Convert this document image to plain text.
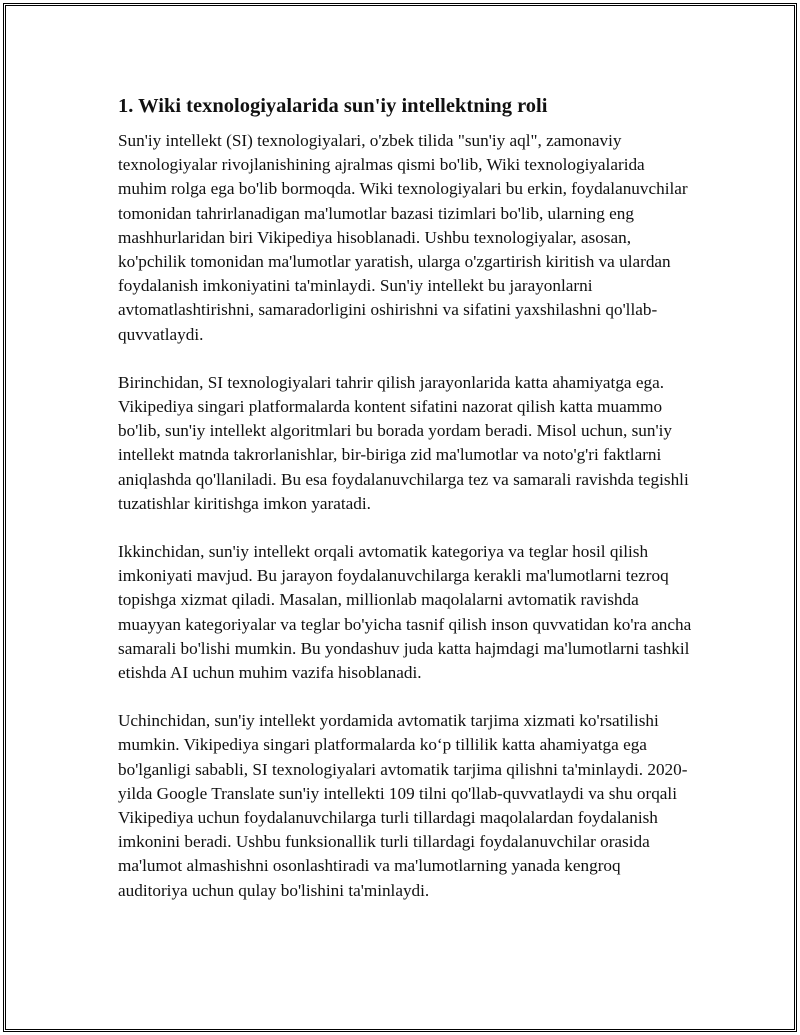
1. Wiki texnologiyalarida sun'iy intellektning roli

Sun'iy intellekt (SI) texnologiyalari, o'zbek tilida "sun'iy aql", zamonaviy texnologiyalar rivojlanishining ajralmas qismi bo'lib, Wiki texnologiyalarida muhim rolga ega bo'lib bormoqda. Wiki texnologiyalari bu erkin, foydalanuvchilar tomonidan tahrirlanadigan ma'lumotlar bazasi tizimlari bo'lib, ularning eng mashhurlaridan biri Vikipediya hisoblanadi. Ushbu texnologiyalar, asosan, ko'pchilik tomonidan ma'lumotlar yaratish, ularga o'zgartirish kiritish va ulardan foydalanish imkoniyatini ta'minlaydi. Sun'iy intellekt bu jarayonlarni avtomatlashtirishni, samaradorligini oshirishni va sifatini yaxshilashni qo'llab-quvvatlaydi.

Birinchidan, SI texnologiyalari tahrir qilish jarayonlarida katta ahamiyatga ega. Vikipediya singari platformalarda kontent sifatini nazorat qilish katta muammo bo'lib, sun'iy intellekt algoritmlari bu borada yordam beradi. Misol uchun, sun'iy intellekt matnda takrorlanishlar, bir-biriga zid ma'lumotlar va noto'g'ri faktlarni aniqlashda qo'llaniladi. Bu esa foydalanuvchilarga tez va samarali ravishda tegishli tuzatishlar kiritishga imkon yaratadi.

Ikkinchidan, sun'iy intellekt orqali avtomatik kategoriya va teglar hosil qilish imkoniyati mavjud. Bu jarayon foydalanuvchilarga kerakli ma'lumotlarni tezroq topishga xizmat qiladi. Masalan, millionlab maqolalarni avtomatik ravishda muayyan kategoriyalar va teglar bo'yicha tasnif qilish inson quvvatidan ko'ra ancha samarali bo'lishi mumkin. Bu yondashuv juda katta hajmdagi ma'lumotlarni tashkil etishda AI uchun muhim vazifa hisoblanadi.

Uchinchidan, sun'iy intellekt yordamida avtomatik tarjima xizmati ko'rsatilishi mumkin. Vikipediya singari platformalarda ko‘p tillilik katta ahamiyatga ega bo'lganligi sababli, SI texnologiyalari avtomatik tarjima qilishni ta'minlaydi. 2020-yilda Google Translate sun'iy intellekti 109 tilni qo'llab-quvvatlaydi va shu orqali Vikipediya uchun foydalanuvchilarga turli tillardagi maqolalardan foydalanish imkonini beradi. Ushbu funksionallik turli tillardagi foydalanuvchilar orasida ma'lumot almashishni osonlashtiradi va ma'lumotlarning yanada kengroq auditoriya uchun qulay bo'lishini ta'minlaydi.
